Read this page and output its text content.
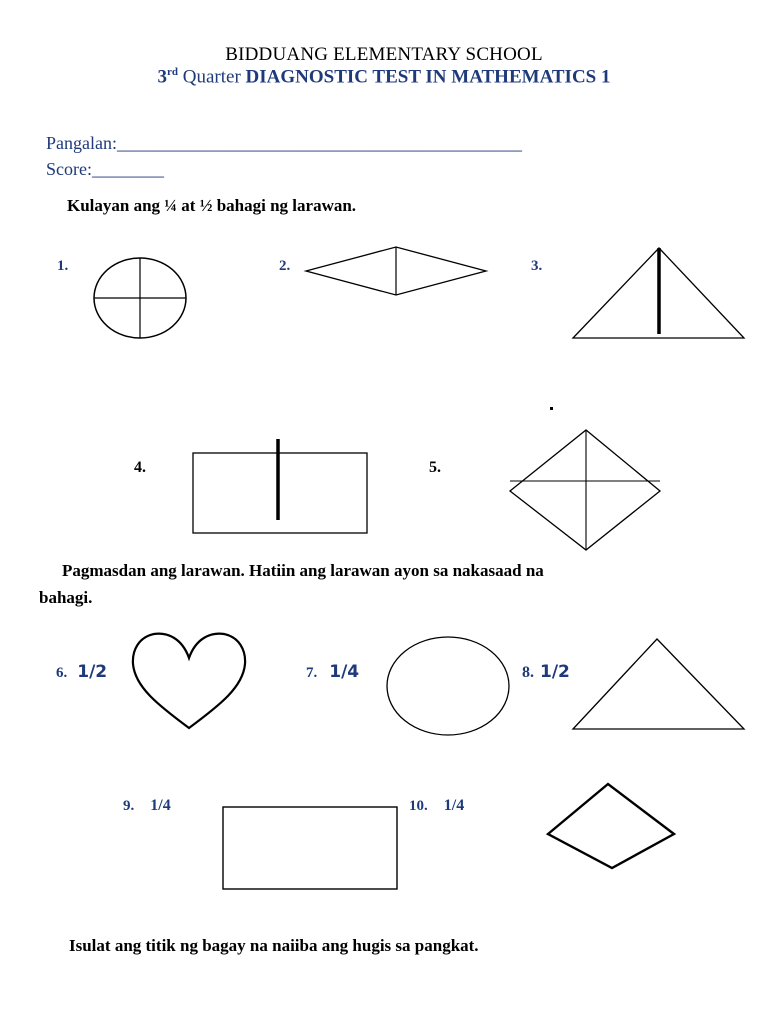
BIDDUANG ELEMENTARY SCHOOL
3rd Quarter DIAGNOSTIC TEST IN MATHEMATICS 1
Pangalan:_____________________________________________
Score:________
Kulayan ang ¼ at ½ bahagi ng larawan.
1.	2.	3.
4.	5.
Pagmasdan ang larawan. Hatiin ang larawan ayon sa nakasaad na
bahagi.
6. 1/2	7. 1/4	8. 1/2
9. 1/4	10. 1/4
Isulat ang titik ng bagay na naiiba ang hugis sa pangkat.
